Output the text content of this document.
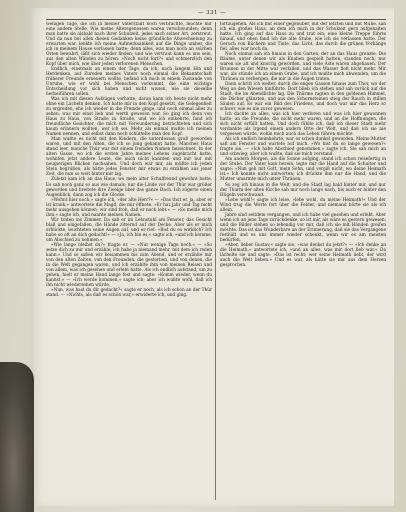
— 331 —

wenigen Tage, die ich in meiner Vaterstadt noch verbrachte, mochte mir eine andere Stelle. Wie meine Altersgenossen waren verschwunden; denn man hatte sie alsbald nach ihrer Schulzeit, jedes nach seiner Art, zerstreut. Und da nun bei allen diesen Gedanken keine gründliche Abwechselung zu erwarten war, lenkte ich meine Aufmerksamkeit auf die Dinge umher, die ich in meinem Hause verlassen hatte; denn alles, was man noch an solchen Orten bewahrt, läßt sich wieder finden; und wie vertraut kann es uns sein, aus den alten Wänden zu hören: »Noch nicht fort?« und schmerzlich den Kopf über mich, wie über jeden verlorenen Menschen.

Endlich, einstmals an einem der Tage, da ich, nach langem Hin und Herdenken, auf Zureden meines Vaters noch einmal die Bekanntschaft früherer Freunde erneuern wollte, befand ich mich in einem Zustande von Unruhe, wie er wohl bei Menschen vorkommt, die eine wichtige Entscheidung vor sich haben und nicht wissen, wie sie dieselbe herbeiführen sollen.

Was ich mit diesen Aufzügen vorhatte, daran kann ich heute nicht mehr ohne ein Lächeln denken. Ich hatte mir in den Kopf gesetzt, die Gelegenheit zu ergreifen, ehe ich wieder in die Fremde ginge, und noch einmal alles zu sehen, was mir einst lieb und werth gewesen war. So ging ich denn von Haus zu Haus, von Straße zu Straße, und wo ich einkehrte, fand ich freundliche Gesichter, die mich mit Verwunderung betrachteten und sich kaum erinnern wollten, wer ich sei. Mehr als einmal mußte ich meinen Namen nennen, und selbst dann noch schüttelte man den Kopf.

Man wußte es nicht mit den Kindern, die unterdessen groß geworden waren, und mit den Alten, die ich so jung gekannt hatte. Manches Haus stand leer, manche Thür war mit einem fremden Namen bezeichnet. In der alten Gasse, wo ich die ersten Jahre meines Lebens zugebracht hatte, wohnten jetzt andere Leute, die mich nicht kannten und mir nur mit neugierigen Blicken nachsahen. Und doch war mir, als müßte ich jeden Stein begrüßen, als hätte jedes Fenster mir etwas zu erzählen aus jener Zeit, die nun so weit hinter mir lag.

Zuletzt kam ich an das Haus, wo mein alter Schulfreund gewohnt hatte. Es sah noch ganz so aus wie damals; nur die Linde vor der Thür war größer geworden und breitete ihre Zweige über das ganze Dach. Ich zögerte einen Augenblick, dann zog ich die Glocke.

»Wohnt hier noch,« sagte ich, »der alte Herr?« — »Das thut er, ja, aber er ist krank,« antwortete die Magd, die mir öffnete. »Er hat Jahr und Tag nicht mehr ausgehen können; wir sind froh, daß er noch lebt.« — »So melde mich ihm,« sagte ich, und nannte meinen Namen.

Wir traten ins Zimmer. Da saß er im Lehnstuhl am Fenster, das Gesicht blaß und eingefallen, die Hände zitternd auf der Decke. Aber als er mich erblickte, leuchteten seine Augen auf, und er rief: »Bist du es wirklich? Ich habe so oft an dich gedacht!« — »Ja, ich bin es,« sagte ich, »und ich komme, um Abschied zu nehmen.«

»Wie lange bleibst du?« fragte er. — »Nur wenige Tage noch.« — »So setze dich zu mir und erzähle; ich habe ja niemand mehr, mit dem ich reden kann.« Und so saßen wir beisammen bis zum Abend, und er erzählte mir von den alten Zeiten, von den Freunden, die gestorben, und von denen, die in die Welt gegangen waren, und ich erzählte ihm von meinen Reisen und von allem, was ich gesehen und erlebt hatte. Als ich endlich aufstand, um zu gehen, hielt er meine Hand lange fest und sagte: »Komm wieder, wenn du kannst.« — »Ich werde kommen,« sagte ich; aber ich wußte wohl, daß ich ihn nicht wiedersehen würde.

»Nun, was hast du dir gedacht?« sagte er noch, als ich schon an der Thür stand. — »Nichts, als daß es schön war,« erwiderte ich, und ging.

fortzugehen. Als ich mit einer gegenüber, mit der letzten und mit Mühe, sah ich ein großes Haus, an dem ich mich in der Schulzeit gern aufgehalten hatte. Ich ging auf das Haus zu und trat ein; eine kleine Treppe führte hinauf, und oben fand ich die alte Stube, wie ich sie verlassen hatte. Der Geruch von Büchern und Tinte, das Licht, das durch die grünen Vorhänge fiel, alles war noch da.

Noch einmal sah ich hinaus in den Garten, der an das Haus grenzte. Die Bäume, unter denen wir als Knaben gespielt hatten, standen noch; nur waren sie alt und knorrig geworden, und viele Äste waren abgehauen. Der Brunnen in der Mitte war verfallen, und das Wasser floß nicht mehr. Mir war, als stünde ich an einem Grabe, und ich mußte mich abwenden, um die Thränen zu verbergen, die mir in die Augen traten.

Dann schritt ich weiter, durch die engen Gassen hinaus zum Thor, wo der Weg an den Wiesen hinführte. Dort blieb ich stehen und sah zurück auf die Stadt, die im Abendlichte lag. Die Thürme ragten in den goldenen Himmel, die Dächer glänzten, und aus den Schornsteinen stieg der Rauch in stillen Säulen auf. Es war ein Bild des Friedens, und doch war mir das Herz so schwer, wie es nie zuvor gewesen.

Ich dachte an alles, was ich hier verloren und was ich hier gewonnen hatte; an die Freunde, die nicht mehr waren, und an die Hoffnungen, die sich nicht erfüllt hatten. Und doch fühlte ich, daß ich dieser Stadt mehr verdankte als irgend einem andern Orte der Welt, und daß ich sie nie vergessen würde, wohin mich auch das Leben führen möchte.

Als ich endlich heimkehrte, war es schon dunkel geworden. Meine Mutter saß am Fenster und wartete auf mich. »Wo bist du so lange gewesen?« fragte sie. — »Ich habe Abschied genommen,« sagte ich. Sie sah mich an und schwieg; aber ich wußte, daß sie mich verstand.

Am andern Morgen, als die Sonne aufging, stand ich schon reisefertig in der Stube. Der Vater kam herein, legte mir die Hand auf die Schulter und sagte: »Nun geh mit Gott, mein Sohn, und vergiß nicht, wo deine Heimath ist.« Ich konnte nicht antworten; ich drückte ihm nur die Hand, und die Mutter umarmte mich unter Thränen.

So zog ich hinaus in die Welt, und die Stadt lag bald hinter mir, und nur der Thurm der alten Kirche sah mir noch lange nach, bis auch er hinter den Hügeln verschwand.

»Lebe wohl!« sagte ich leise, »lebe wohl, du meine Heimath!« Und der Wind trug die Worte fort über die Felder, und niemand hörte sie als ich allein.

Jahre sind seitdem vergangen, und ich habe viel gesehen und erlebt. Aber wenn ich an jene Tage zurückdenke, so ist mir, als wäre es gestern gewesen; und die Bilder stehen so lebendig vor mir, daß ich sie mit Händen greifen möchte. Das ist das Wunderbare an der Erinnerung, daß sie das Vergangene festhält und es uns immer wieder schenkt, wenn wir es am meisten bedürfen.

»Aber, lieber Gustav,« sagte sie, »was denkst du jetzt?« — »Ich denke an die Heimath,« antwortete ich, »und an alles, was mir dort lieb war.« Da lächelte sie und sagte: »Das ist recht; wer seine Heimath liebt, der wird auch die Welt lieben.« Und es war, als hätte sie mir aus dem Herzen gesprochen.
